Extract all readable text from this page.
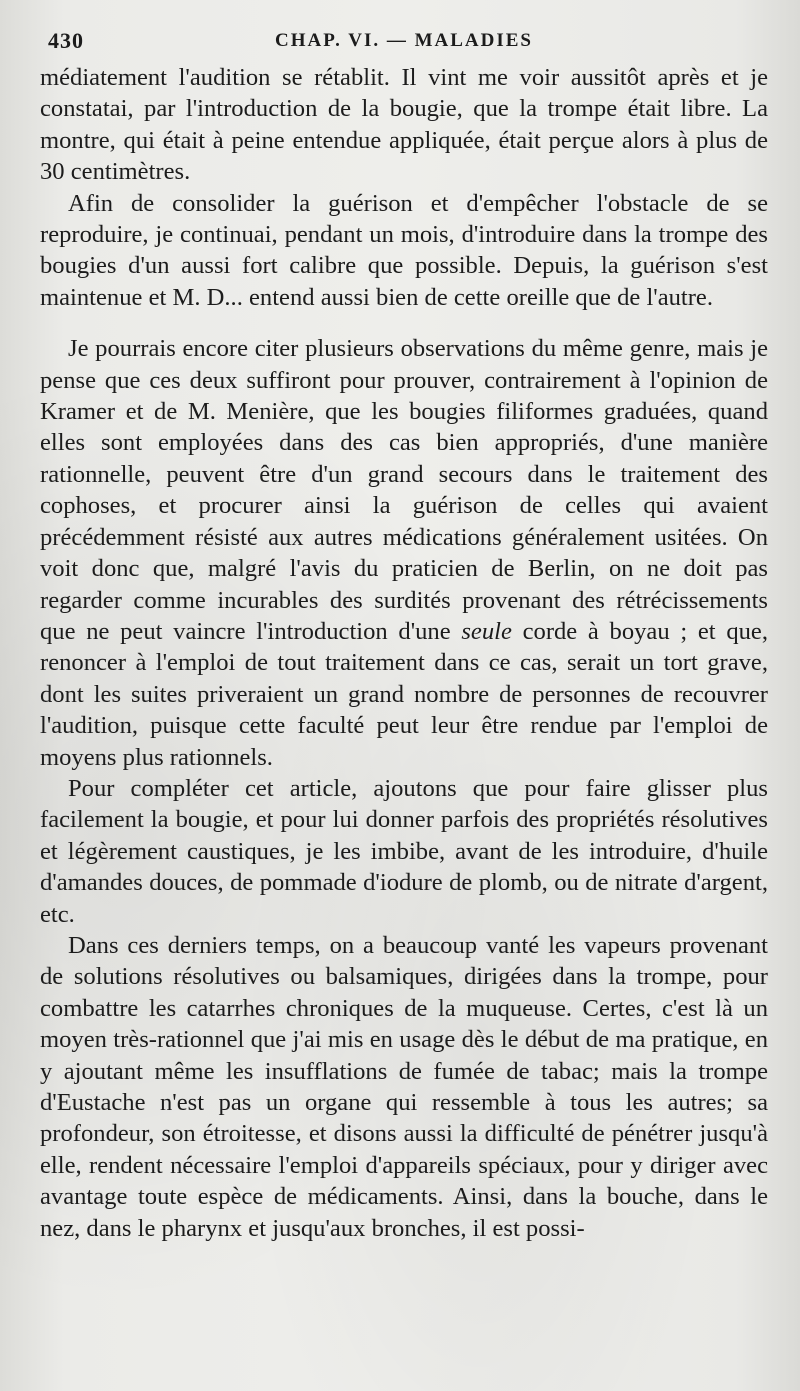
430	CHAP. VI. — MALADIES

médiatement l'audition se rétablit. Il vint me voir aussitôt après et je constatai, par l'introduction de la bougie, que la trompe était libre. La montre, qui était à peine entendue appliquée, était perçue alors à plus de 30 centimètres.

Afin de consolider la guérison et d'empêcher l'obstacle de se reproduire, je continuai, pendant un mois, d'introduire dans la trompe des bougies d'un aussi fort calibre que possible. Depuis, la guérison s'est maintenue et M. D... entend aussi bien de cette oreille que de l'autre.

Je pourrais encore citer plusieurs observations du même genre, mais je pense que ces deux suffiront pour prouver, contrairement à l'opinion de Kramer et de M. Menière, que les bougies filiformes graduées, quand elles sont employées dans des cas bien appropriés, d'une manière rationnelle, peuvent être d'un grand secours dans le traitement des cophoses, et procurer ainsi la guérison de celles qui avaient précédemment résisté aux autres médications généralement usitées. On voit donc que, malgré l'avis du praticien de Berlin, on ne doit pas regarder comme incurables des surdités provenant des rétrécissements que ne peut vaincre l'introduction d'une seule corde à boyau ; et que, renoncer à l'emploi de tout traitement dans ce cas, serait un tort grave, dont les suites priveraient un grand nombre de personnes de recouvrer l'audition, puisque cette faculté peut leur être rendue par l'emploi de moyens plus rationnels.

Pour compléter cet article, ajoutons que pour faire glisser plus facilement la bougie, et pour lui donner parfois des propriétés résolutives et légèrement caustiques, je les imbibe, avant de les introduire, d'huile d'amandes douces, de pommade d'iodure de plomb, ou de nitrate d'argent, etc.

Dans ces derniers temps, on a beaucoup vanté les vapeurs provenant de solutions résolutives ou balsamiques, dirigées dans la trompe, pour combattre les catarrhes chroniques de la muqueuse. Certes, c'est là un moyen très-rationnel que j'ai mis en usage dès le début de ma pratique, en y ajoutant même les insufflations de fumée de tabac; mais la trompe d'Eustache n'est pas un organe qui ressemble à tous les autres; sa profondeur, son étroitesse, et disons aussi la difficulté de pénétrer jusqu'à elle, rendent nécessaire l'emploi d'appareils spéciaux, pour y diriger avec avantage toute espèce de médicaments. Ainsi, dans la bouche, dans le nez, dans le pharynx et jusqu'aux bronches, il est possi-
